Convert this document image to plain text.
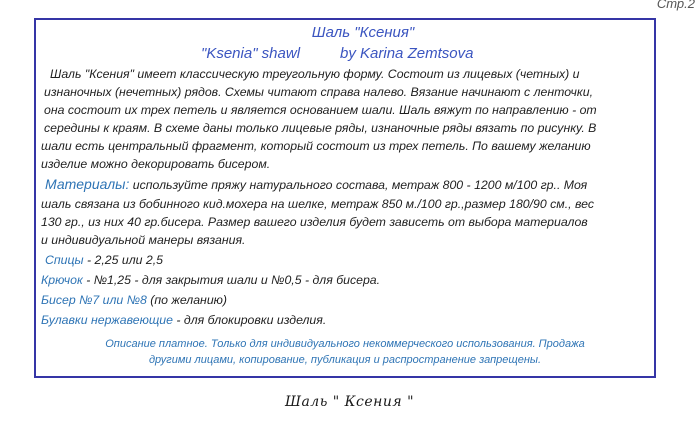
Стр.2
Шаль "Ксения"
"Ksenia" shawl	by Karina Zemtsova
Шаль "Ксения" имеет классическую треугольную форму. Состоит из лицевых (четных) и
изнаночных (нечетных) рядов. Схемы читают справа налево. Вязание начинают с ленточки,
она состоит их трех петель и является основанием шали. Шаль вяжут по направлению - от
середины к краям. В схеме даны только лицевые ряды, изнаночные ряды вязать по рисунку. В
шали есть центральный фрагмент, который состоит из трех петель. По вашему желанию
изделие можно декорировать бисером.
Материалы: используйте пряжу натурального состава, метраж 800 - 1200 м/100 гр.. Моя
шаль связана из бобинного кид.мохера на шелке, метраж 850 м./100 гр.,размер 180/90 см., вес
130 гр., из них 40 гр.бисера. Размер вашего изделия будет зависеть от выбора материалов
и индивидуальной манеры вязания.
Спицы - 2,25 или 2,5
Крючок - №1,25 - для закрытия шали и №0,5 - для бисера.
Бисер №7 или №8 (по желанию)
Булавки нержавеющие - для блокировки изделия.
Описание платное. Только для индивидуального некоммерческого использования. Продажа
другими лицами, копирование, публикация и распространение запрещены.
Шаль " Ксения "
